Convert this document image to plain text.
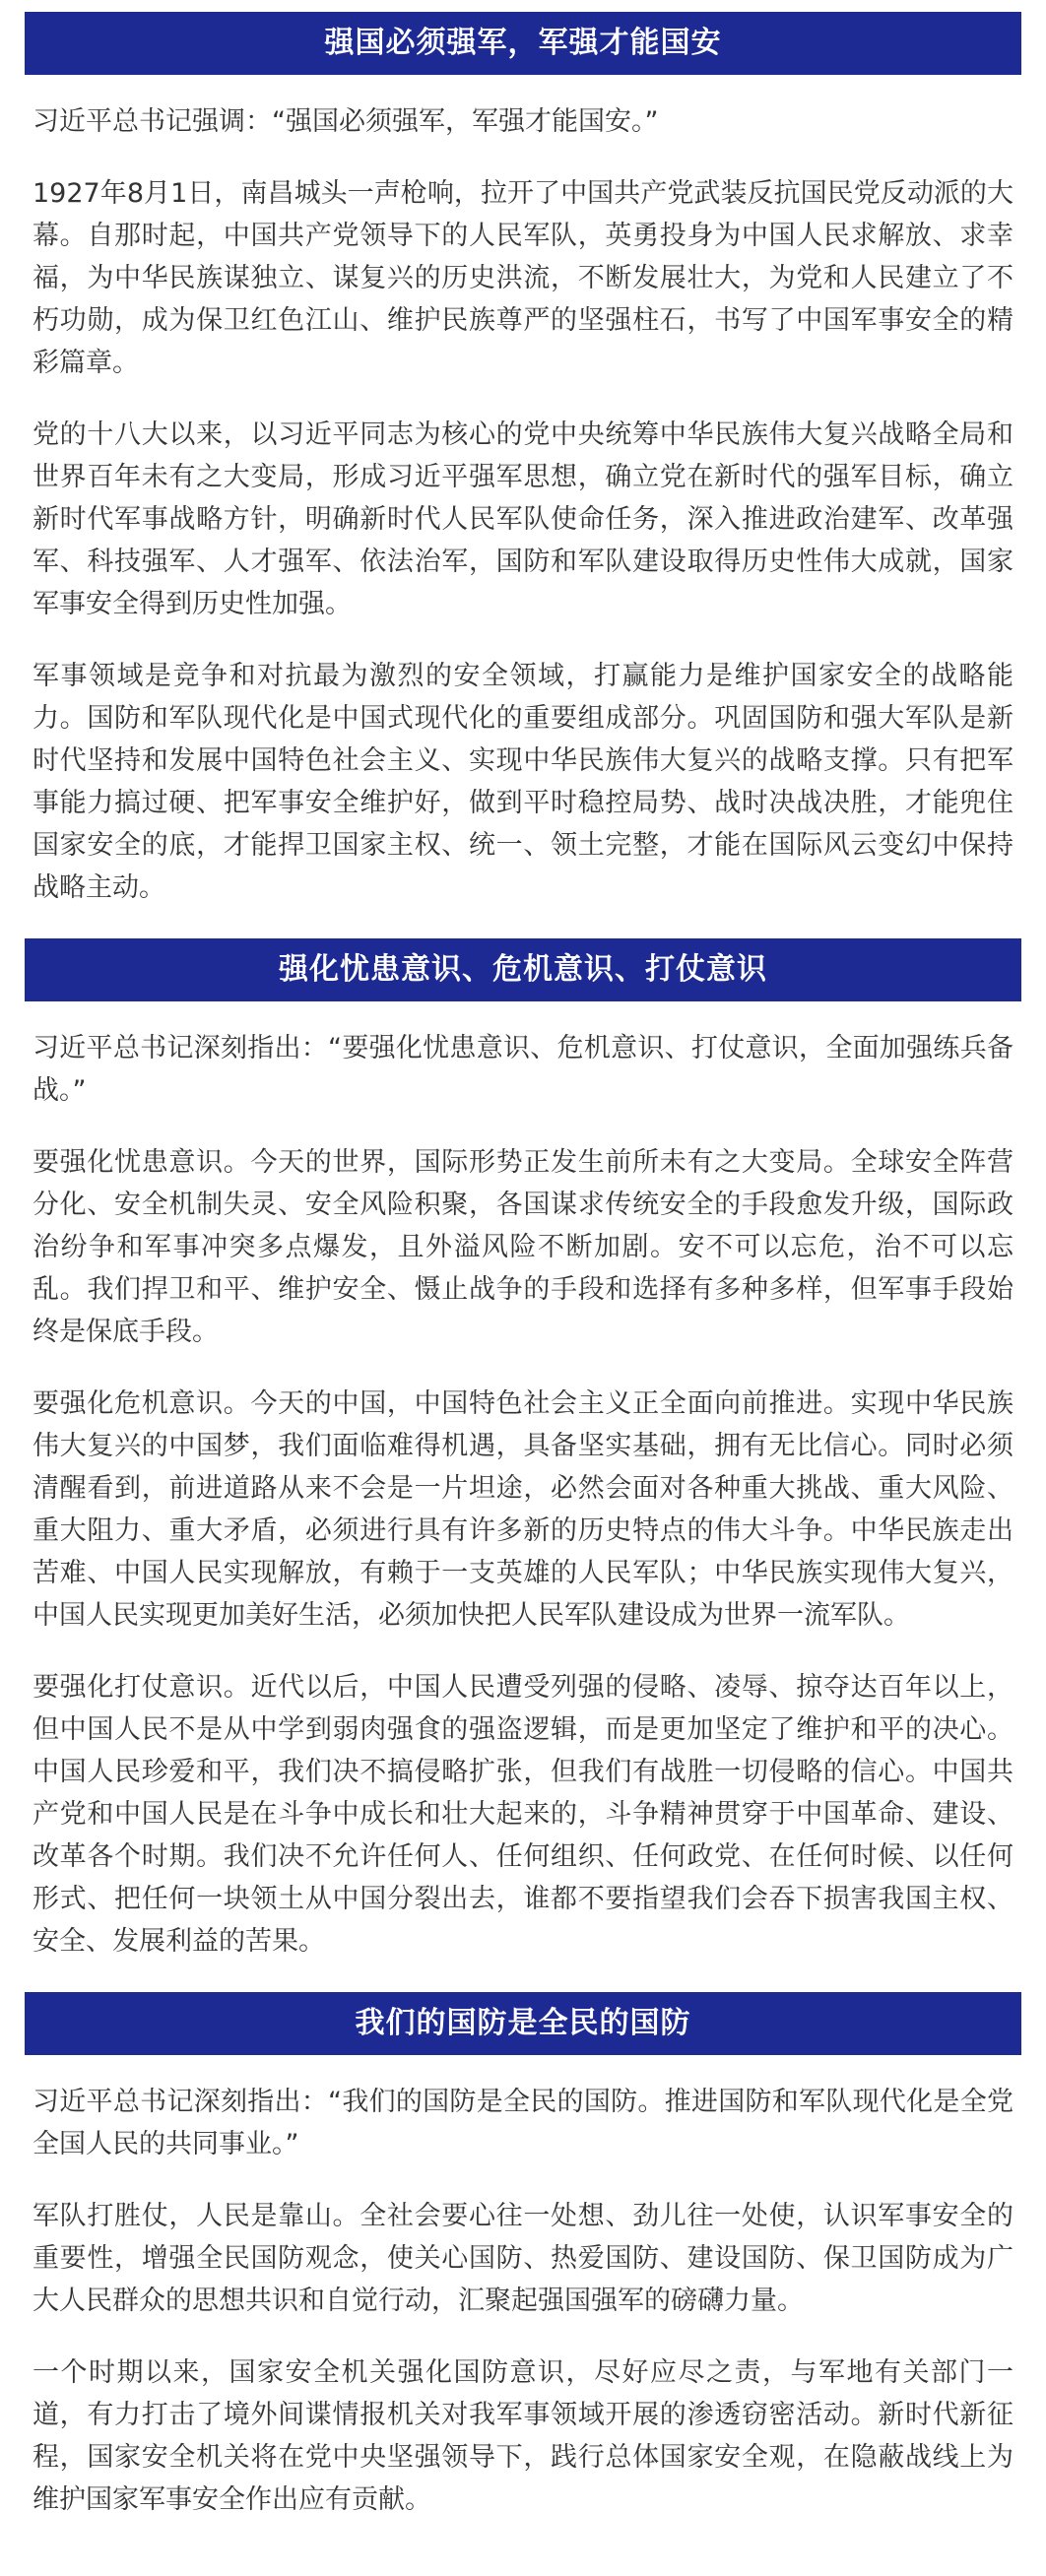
强国必须强军，军强才能国安

习近平总书记强调：“强国必须强军，军强才能国安。”

1927年8月1日，南昌城头一声枪响，拉开了中国共产党武装反抗国民党反动派的大幕。自那时起，中国共产党领导下的人民军队，英勇投身为中国人民求解放、求幸福，为中华民族谋独立、谋复兴的历史洪流，不断发展壮大，为党和人民建立了不朽功勋，成为保卫红色江山、维护民族尊严的坚强柱石，书写了中国军事安全的精彩篇章。

党的十八大以来，以习近平同志为核心的党中央统筹中华民族伟大复兴战略全局和世界百年未有之大变局，形成习近平强军思想，确立党在新时代的强军目标，确立新时代军事战略方针，明确新时代人民军队使命任务，深入推进政治建军、改革强军、科技强军、人才强军、依法治军，国防和军队建设取得历史性伟大成就，国家军事安全得到历史性加强。

军事领域是竞争和对抗最为激烈的安全领域，打赢能力是维护国家安全的战略能力。国防和军队现代化是中国式现代化的重要组成部分。巩固国防和强大军队是新时代坚持和发展中国特色社会主义、实现中华民族伟大复兴的战略支撑。只有把军事能力搞过硬、把军事安全维护好，做到平时稳控局势、战时决战决胜，才能兜住国家安全的底，才能捍卫国家主权、统一、领土完整，才能在国际风云变幻中保持战略主动。

强化忧患意识、危机意识、打仗意识

习近平总书记深刻指出：“要强化忧患意识、危机意识、打仗意识，全面加强练兵备战。”

要强化忧患意识。今天的世界，国际形势正发生前所未有之大变局。全球安全阵营分化、安全机制失灵、安全风险积聚，各国谋求传统安全的手段愈发升级，国际政治纷争和军事冲突多点爆发，且外溢风险不断加剧。安不可以忘危，治不可以忘乱。我们捍卫和平、维护安全、慑止战争的手段和选择有多种多样，但军事手段始终是保底手段。

要强化危机意识。今天的中国，中国特色社会主义正全面向前推进。实现中华民族伟大复兴的中国梦，我们面临难得机遇，具备坚实基础，拥有无比信心。同时必须清醒看到，前进道路从来不会是一片坦途，必然会面对各种重大挑战、重大风险、重大阻力、重大矛盾，必须进行具有许多新的历史特点的伟大斗争。中华民族走出苦难、中国人民实现解放，有赖于一支英雄的人民军队；中华民族实现伟大复兴，中国人民实现更加美好生活，必须加快把人民军队建设成为世界一流军队。

要强化打仗意识。近代以后，中国人民遭受列强的侵略、凌辱、掠夺达百年以上，但中国人民不是从中学到弱肉强食的强盗逻辑，而是更加坚定了维护和平的决心。中国人民珍爱和平，我们决不搞侵略扩张，但我们有战胜一切侵略的信心。中国共产党和中国人民是在斗争中成长和壮大起来的，斗争精神贯穿于中国革命、建设、改革各个时期。我们决不允许任何人、任何组织、任何政党、在任何时候、以任何形式、把任何一块领土从中国分裂出去，谁都不要指望我们会吞下损害我国主权、安全、发展利益的苦果。

我们的国防是全民的国防

习近平总书记深刻指出：“我们的国防是全民的国防。推进国防和军队现代化是全党全国人民的共同事业。”

军队打胜仗，人民是靠山。全社会要心往一处想、劲儿往一处使，认识军事安全的重要性，增强全民国防观念，使关心国防、热爱国防、建设国防、保卫国防成为广大人民群众的思想共识和自觉行动，汇聚起强国强军的磅礴力量。

一个时期以来，国家安全机关强化国防意识，尽好应尽之责，与军地有关部门一道，有力打击了境外间谍情报机关对我军事领域开展的渗透窃密活动。新时代新征程，国家安全机关将在党中央坚强领导下，践行总体国家安全观，在隐蔽战线上为维护国家军事安全作出应有贡献。
